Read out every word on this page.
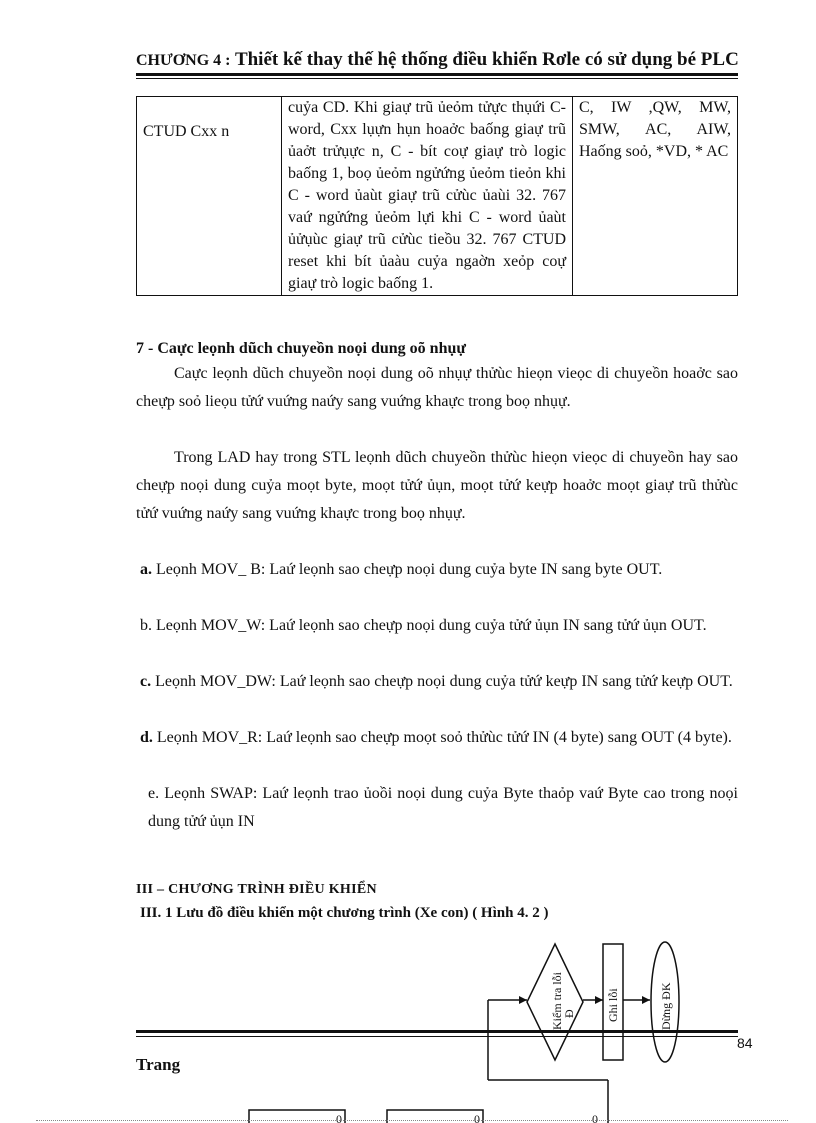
CHƯƠNG 4 : Thiết kế thay thế hệ thống điều khiển Rơle có sử dụng bé PLC
CTUD Cxx n	cuỷa CD. Khi giaự trũ ủeỏm tửực thụứi C-word, Cxx lụựn hụn hoaởc baống giaự trũ ủaởt trửụực n, C - bít coự giaự trò logic baống 1, boọ ủeỏm ngửứng ủeỏm tieỏn khi C - word ủaùt giaự trũ cửùc ủaùi 32. 767 vaứ ngửứng ủeỏm lựi khi C - word ủaùt ủửụùc giaự trũ cửùc tieồu 32. 767 CTUD reset khi bít ủaàu cuỷa ngaờn xeỏp coự giaự trò logic baống 1.	C, IW ,QW, MW, SMW, AC, AIW, Haống soỏ, *VD, * AC
7 - Caực leọnh dũch chuyeồn noọi dung oõ nhụự
Caực leọnh dũch chuyeồn noọi dung oõ nhụự thửùc hieọn vieọc di chuyeồn hoaởc sao cheựp soỏ lieọu tửứ vuứng naứy sang vuứng khaực trong boọ nhụự.
Trong LAD hay trong STL leọnh dũch chuyeồn thửùc hieọn vieọc di chuyeồn hay sao cheựp noọi dung cuỷa moọt byte, moọt tửứ ủụn, moọt tửứ keựp hoaởc moọt giaự trũ thửùc tửứ vuứng naứy sang vuứng khaực trong boọ nhụự.
a. Leọnh MOV_ B: Laứ leọnh sao cheựp noọi dung cuỷa byte IN sang byte OUT.
b. Leọnh MOV_W: Laứ leọnh sao cheựp noọi dung cuỷa tửứ ủụn IN sang tửứ ủụn OUT.
c. Leọnh MOV_DW: Laứ leọnh sao cheựp noọi dung cuỷa tửứ keựp IN sang tửứ keựp OUT.
d. Leọnh MOV_R: Laứ leọnh sao cheựp moọt soỏ thửùc tửứ IN (4 byte) sang OUT (4 byte).
e. Leọnh SWAP: Laứ leọnh trao ủoồi noọi dung cuỷa Byte thaỏp vaứ Byte cao trong noọi dung tửứ ủụn IN
III – CHƯƠNG TRÌNH ĐIỀU KHIỂN
III. 1 Lưu đồ điều khiển một chương trình (Xe con) ( Hình 4. 2 )
Kiểm tra lỗi
Đ	Ghi lỗi	Dừng ĐK
0	0	0
84
Trang
